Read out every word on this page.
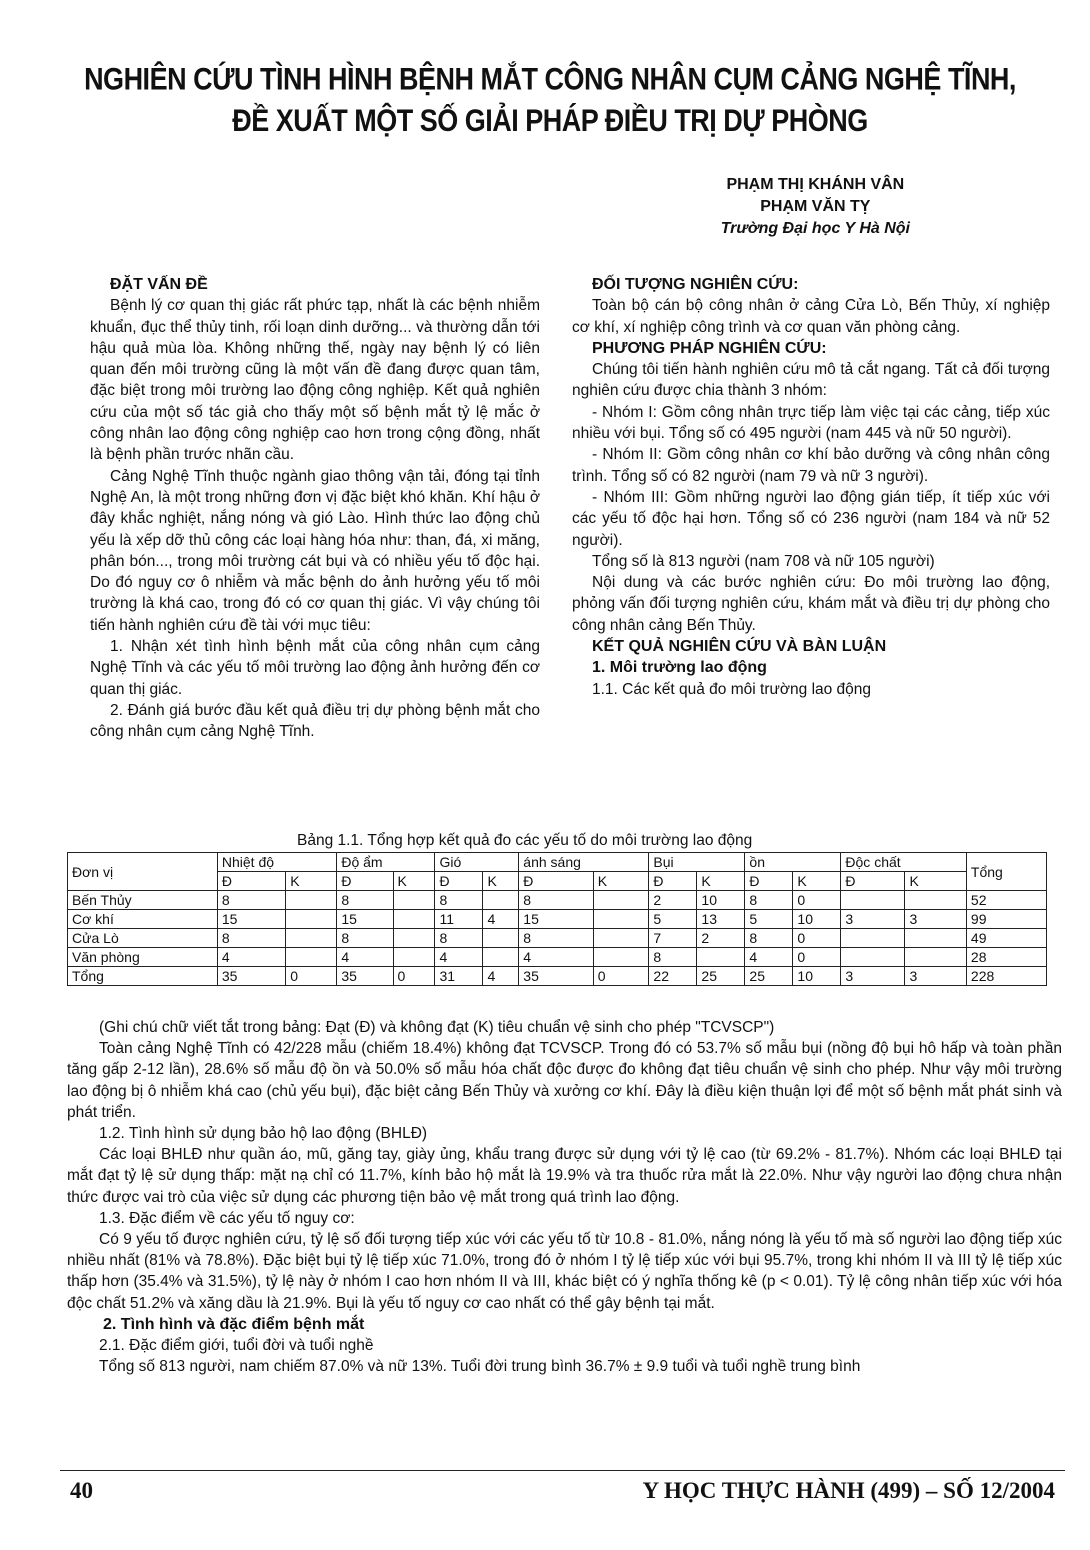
NGHIÊN CỨU TÌNH HÌNH BỆNH MẮT CÔNG NHÂN CỤM CẢNG NGHỆ TĨNH,
ĐỀ XUẤT MỘT SỐ GIẢI PHÁP ĐIỀU TRỊ DỰ PHÒNG
PHẠM THỊ KHÁNH VÂN
PHẠM VĂN TỴ
Trường Đại học Y Hà Nội
ĐẶT VẤN ĐỀ

Bệnh lý cơ quan thị giác rất phức tạp, nhất là các bệnh nhiễm khuẩn, đục thể thủy tinh, rối loạn dinh dưỡng... và thường dẫn tới hậu quả mùa lòa. Không những thế, ngày nay bệnh lý có liên quan đến môi trường cũng là một vấn đề đang được quan tâm, đặc biệt trong môi trường lao động công nghiệp. Kết quả nghiên cứu của một số tác giả cho thấy một số bệnh mắt tỷ lệ mắc ở công nhân lao động công nghiệp cao hơn trong cộng đồng, nhất là bệnh phần trước nhãn cầu.

Cảng Nghệ Tĩnh thuộc ngành giao thông vận tải, đóng tại tỉnh Nghệ An, là một trong những đơn vị đặc biệt khó khăn. Khí hậu ở đây khắc nghiệt, nắng nóng và gió Lào. Hình thức lao động chủ yếu là xếp dỡ thủ công các loại hàng hóa như: than, đá, xi măng, phân bón..., trong môi trường cát bụi và có nhiều yếu tố độc hại. Do đó nguy cơ ô nhiễm và mắc bệnh do ảnh hưởng yếu tố môi trường là khá cao, trong đó có cơ quan thị giác. Vì vậy chúng tôi tiến hành nghiên cứu đề tài với mục tiêu:

1. Nhận xét tình hình bệnh mắt của công nhân cụm cảng Nghệ Tĩnh và các yếu tố môi trường lao động ảnh hưởng đến cơ quan thị giác.

2. Đánh giá bước đầu kết quả điều trị dự phòng bệnh mắt cho công nhân cụm cảng Nghệ Tĩnh.

ĐỐI TƯỢNG NGHIÊN CỨU:

Toàn bộ cán bộ công nhân ở cảng Cửa Lò, Bến Thủy, xí nghiệp cơ khí, xí nghiệp công trình và cơ quan văn phòng cảng.

PHƯƠNG PHÁP NGHIÊN CỨU:

Chúng tôi tiến hành nghiên cứu mô tả cắt ngang. Tất cả đối tượng nghiên cứu được chia thành 3 nhóm:

- Nhóm I: Gồm công nhân trực tiếp làm việc tại các cảng, tiếp xúc nhiều với bụi. Tổng số có 495 người (nam 445 và nữ 50 người).

- Nhóm II: Gồm công nhân cơ khí bảo dưỡng và công nhân công trình. Tổng số có 82 người (nam 79 và nữ 3 người).

- Nhóm III: Gồm những người lao động gián tiếp, ít tiếp xúc với các yếu tố độc hại hơn. Tổng số có 236 người (nam 184 và nữ 52 người).

Tổng số là 813 người (nam 708 và nữ 105 người)

Nội dung và các bước nghiên cứu: Đo môi trường lao động, phỏng vấn đối tượng nghiên cứu, khám mắt và điều trị dự phòng cho công nhân cảng Bến Thủy.

KẾT QUẢ NGHIÊN CỨU VÀ BÀN LUẬN
1. Môi trường lao động

1.1. Các kết quả đo môi trường lao động

Bảng 1.1. Tổng hợp kết quả đo các yếu tố do môi trường lao động
Đơn vị	Nhiệt độ		Độ ẩm		Gió		ánh sáng		Bụi		ồn		Độc chất		Tổng
	Đ	K	Đ	K	Đ	K	Đ	K	Đ	K	Đ	K	Đ	K	
Bến Thủy	8		8		8		8		2	10	8	0			52
Cơ khí	15		15		11	4	15		5	13	5	10	3	3	99
Cửa Lò	8		8		8		8		7	2	8	0			49
Văn phòng	4		4		4		4		8		4	0			28
Tổng	35	0	35	0	31	4	35	0	22	25	25	10	3	3	228

(Ghi chú chữ viết tắt trong bảng: Đạt (Đ) và không đạt (K) tiêu chuẩn vệ sinh cho phép "TCVSCP")

Toàn cảng Nghệ Tĩnh có 42/228 mẫu (chiếm 18.4%) không đạt TCVSCP. Trong đó có 53.7% số mẫu bụi (nồng độ bụi hô hấp và toàn phần tăng gấp 2-12 lần), 28.6% số mẫu độ ồn và 50.0% số mẫu hóa chất độc được đo không đạt tiêu chuẩn vệ sinh cho phép. Như vậy môi trường lao động bị ô nhiễm khá cao (chủ yếu bụi), đặc biệt cảng Bến Thủy và xưởng cơ khí. Đây là điều kiện thuận lợi để một số bệnh mắt phát sinh và phát triển.

1.2. Tình hình sử dụng bảo hộ lao động (BHLĐ)

Các loại BHLĐ như quần áo, mũ, găng tay, giày ủng, khẩu trang được sử dụng với tỷ lệ cao (từ 69.2% - 81.7%). Nhóm các loại BHLĐ tại mắt đạt tỷ lệ sử dụng thấp: mặt nạ chỉ có 11.7%, kính bảo hộ mắt là 19.9% và tra thuốc rửa mắt là 22.0%. Như vậy người lao động chưa nhận thức được vai trò của việc sử dụng các phương tiện bảo vệ mắt trong quá trình lao động.

1.3. Đặc điểm về các yếu tố nguy cơ:

Có 9 yếu tố được nghiên cứu, tỷ lệ số đối tượng tiếp xúc với các yếu tố từ 10.8 - 81.0%, nắng nóng là yếu tố mà số người lao động tiếp xúc nhiều nhất (81% và 78.8%). Đặc biệt bụi tỷ lệ tiếp xúc 71.0%, trong đó ở nhóm I tỷ lệ tiếp xúc với bụi 95.7%, trong khi nhóm II và III tỷ lệ tiếp xúc thấp hơn (35.4% và 31.5%), tỷ lệ này ở nhóm I cao hơn nhóm II và III, khác biệt có ý nghĩa thống kê (p < 0.01). Tỷ lệ công nhân tiếp xúc với hóa độc chất 51.2% và xăng dầu là 21.9%. Bụi là yếu tố nguy cơ cao nhất có thể gây bệnh tại mắt.

2. Tình hình và đặc điểm bệnh mắt

2.1. Đặc điểm giới, tuổi đời và tuổi nghề

Tổng số 813 người, nam chiếm 87.0% và nữ 13%. Tuổi đời trung bình 36.7% ± 9.9 tuổi và tuổi nghề trung bình

40	Y HỌC THỰC HÀNH (499) – SỐ 12/2004
